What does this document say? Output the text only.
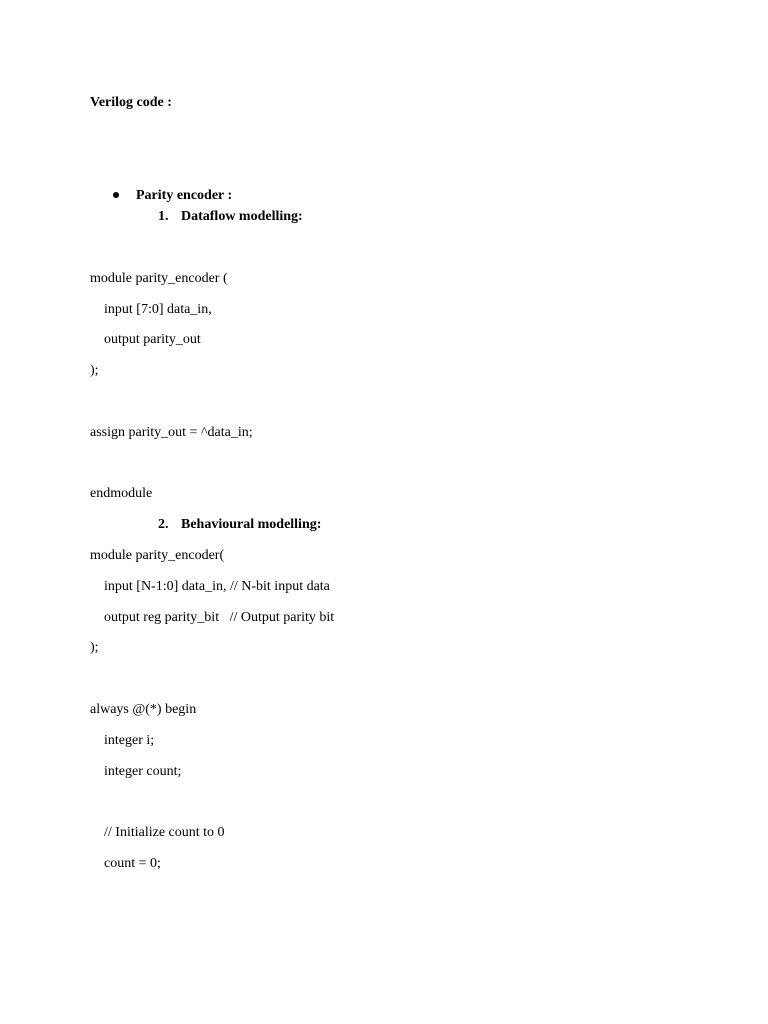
Verilog code :
Parity encoder :
1. Dataflow modelling:
module parity_encoder (
input [7:0] data_in,
output parity_out
);
assign parity_out = ^data_in;
endmodule
2. Behavioural modelling:
module parity_encoder(
input [N-1:0] data_in, // N-bit input data
output reg parity_bit   // Output parity bit
);
always @(*) begin
integer i;
integer count;
// Initialize count to 0
count = 0;
